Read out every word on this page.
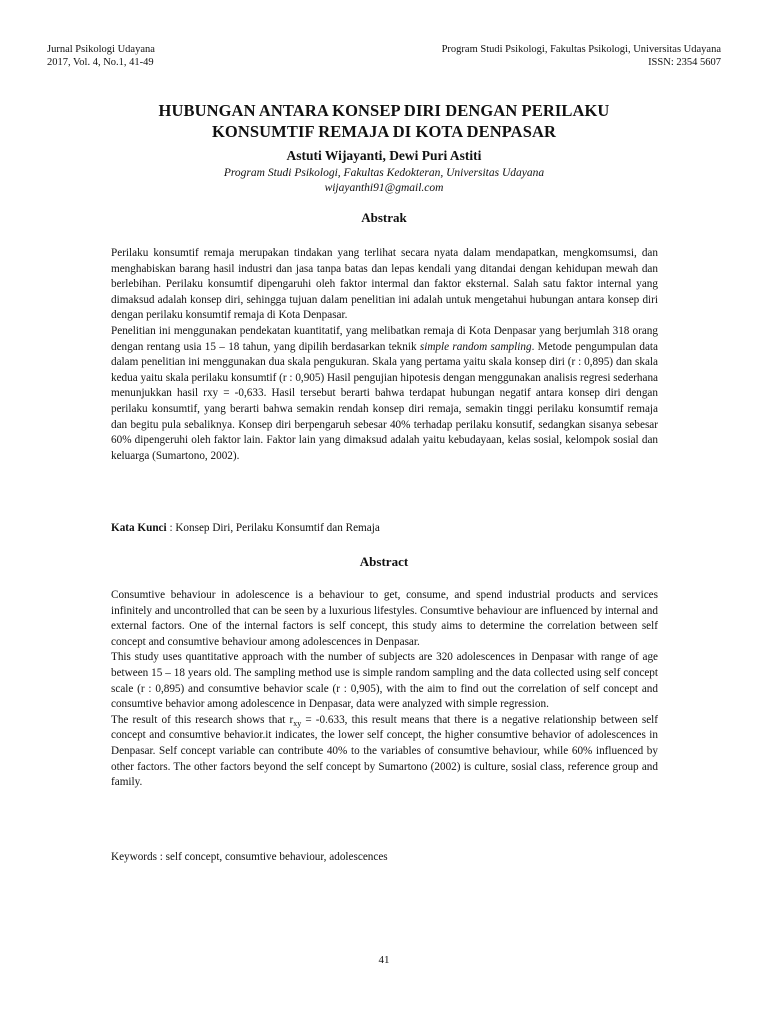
Jurnal Psikologi Udayana
2017, Vol. 4, No.1, 41-49
Program Studi Psikologi, Fakultas Psikologi, Universitas Udayana
ISSN: 2354 5607
HUBUNGAN ANTARA KONSEP DIRI DENGAN PERILAKU
KONSUMTIF REMAJA DI KOTA DENPASAR
Astuti Wijayanti, Dewi Puri Astiti
Program Studi Psikologi, Fakultas Kedokteran, Universitas Udayana
wijayanthi91@gmail.com
Abstrak

Perilaku konsumtif remaja merupakan tindakan yang terlihat secara nyata dalam mendapatkan, mengkomsumsi, dan menghabiskan barang hasil industri dan jasa tanpa batas dan lepas kendali yang ditandai dengan kehidupan mewah dan berlebihan. Perilaku konsumtif dipengaruhi oleh faktor intermal dan faktor eksternal. Salah satu faktor internal yang dimaksud adalah konsep diri, sehingga tujuan dalam penelitian ini adalah untuk mengetahui hubungan antara konsep diri dengan perilaku konsumtif remaja di Kota Denpasar.

Penelitian ini menggunakan pendekatan kuantitatif, yang melibatkan remaja di Kota Denpasar yang berjumlah 318 orang dengan rentang usia 15 – 18 tahun, yang dipilih berdasarkan teknik simple random sampling. Metode pengumpulan data dalam penelitian ini menggunakan dua skala pengukuran. Skala yang pertama yaitu skala konsep diri (r : 0,895) dan skala kedua yaitu skala perilaku konsumtif (r : 0,905) Hasil pengujian hipotesis dengan menggunakan analisis regresi sederhana menunjukkan hasil rxy = -0,633. Hasil tersebut berarti bahwa terdapat hubungan negatif antara konsep diri dengan perilaku konsumtif, yang berarti bahwa semakin rendah konsep diri remaja, semakin tinggi perilaku konsumtif remaja dan begitu pula sebaliknya. Konsep diri berpengaruh sebesar 40% terhadap perilaku konsutif, sedangkan sisanya sebesar 60% dipengeruhi oleh faktor lain. Faktor lain yang dimaksud adalah yaitu kebudayaan, kelas sosial, kelompok sosial dan keluarga (Sumartono, 2002).

Kata Kunci : Konsep Diri, Perilaku Konsumtif dan Remaja
Abstract

Consumtive behaviour in adolescence is a behaviour to get, consume, and spend industrial products and services infinitely and uncontrolled that can be seen by a luxurious lifestyles. Consumtive behaviour are influenced by internal and external factors. One of the internal factors is self concept, this study aims to determine the correlation between self concept and consumtive behaviour among adolescences in Denpasar.

This study uses quantitative approach with the number of subjects are 320 adolescences in Denpasar with range of age between 15 – 18 years old. The sampling method use is simple random sampling and the data collected using self concept scale (r : 0,895) and consumtive behavior scale (r : 0,905), with the aim to find out the correlation of self concept and consumtive behavior among adolescence in Denpasar, data were analyzed with simple regression.

The result of this research shows that $r_{xy} = -0.633$, this result means that there is a negative relationship between self concept and consumtive behavior.it indicates, the lower self concept, the higher consumtive behavior of adolescences in Denpasar. Self concept variable can contribute 40% to the variables of consumtive behaviour, while 60% influenced by other factors. The other factors beyond the self concept by Sumartono (2002) is culture, sosial class, reference group and family.

Keywords : self concept, consumtive behaviour, adolescences
41
